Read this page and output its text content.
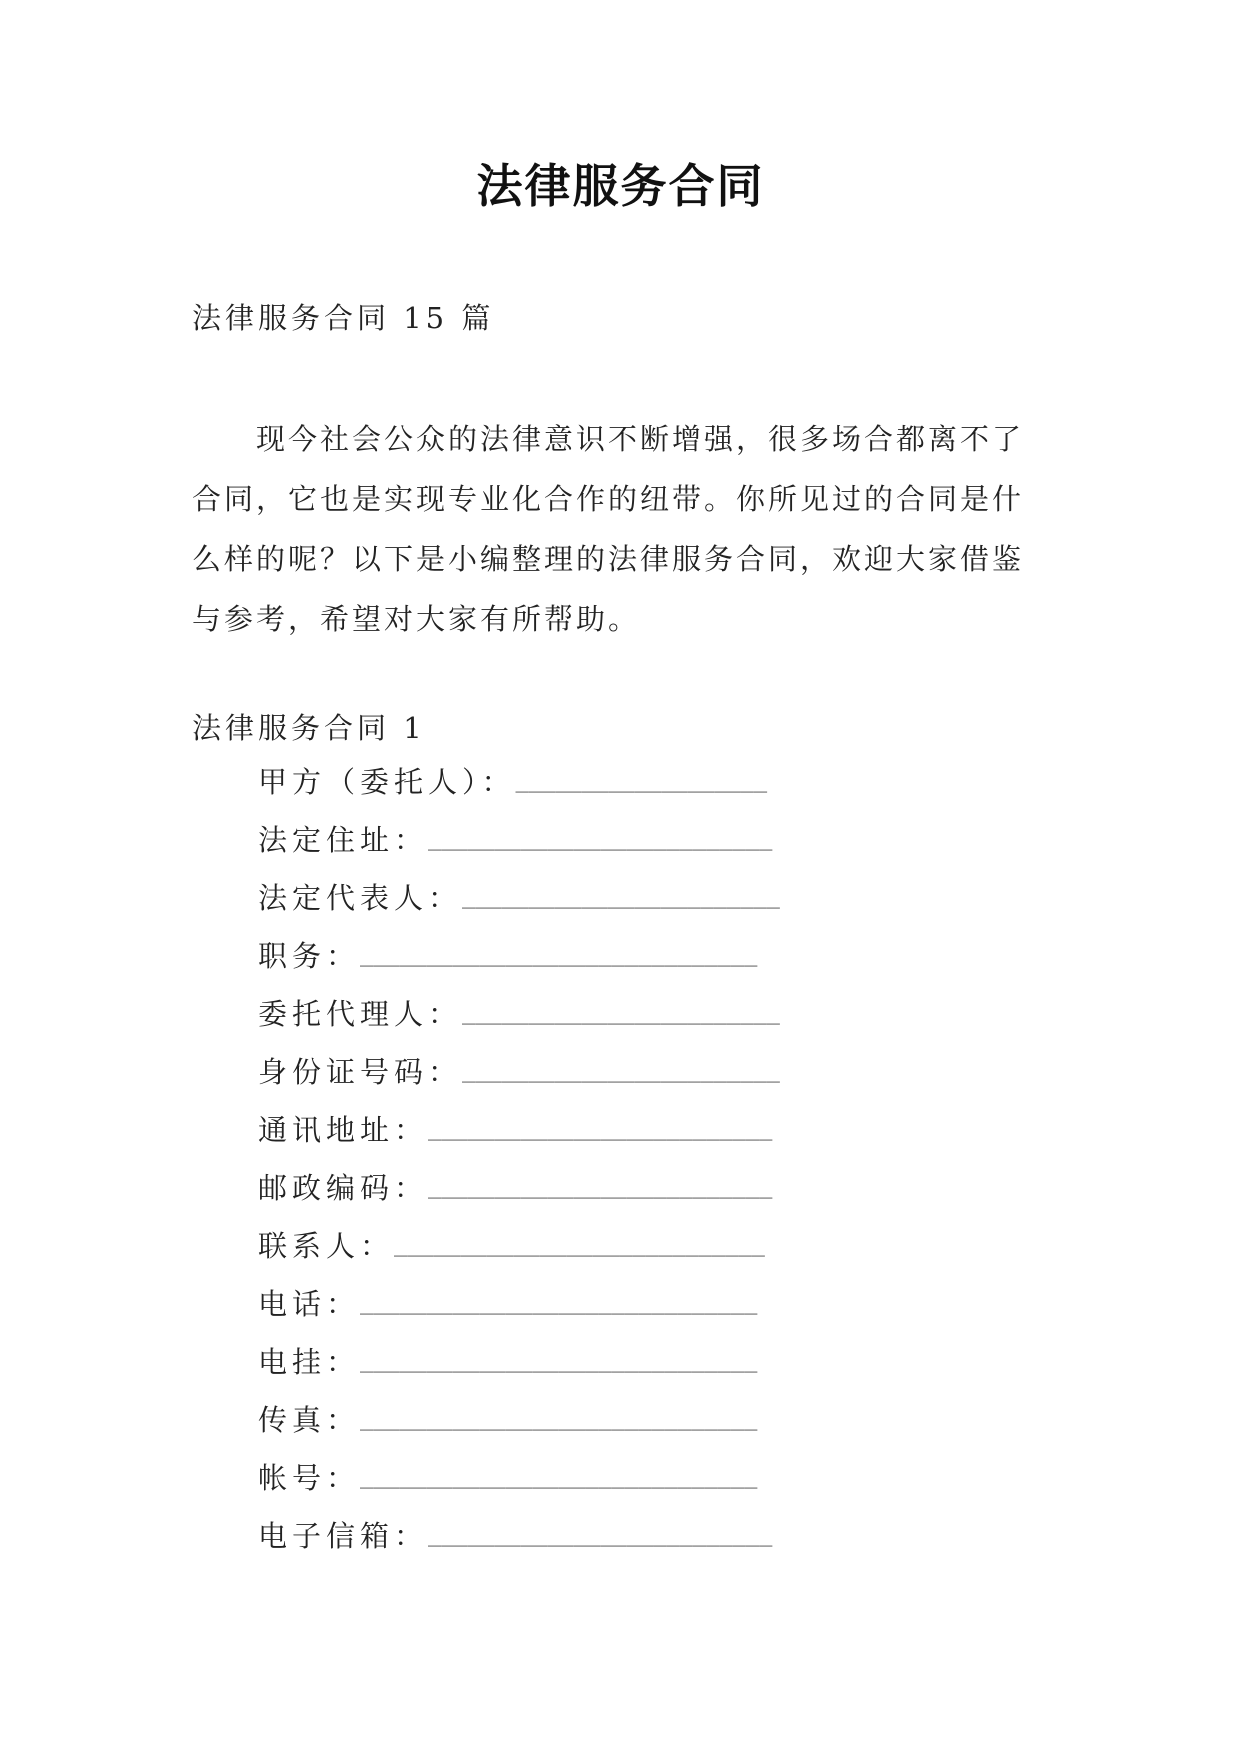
法律服务合同
法律服务合同 15 篇

现今社会公众的法律意识不断增强，很多场合都离不了合同，它也是实现专业化合作的纽带。你所见过的合同是什么样的呢？以下是小编整理的法律服务合同，欢迎大家借鉴与参考，希望对大家有所帮助。

法律服务合同 1
甲方（委托人）： ___________________
法定住址： __________________________
法定代表人： ________________________
职务： ______________________________
委托代理人： ________________________
身份证号码： ________________________
通讯地址： __________________________
邮政编码： __________________________
联系人： ____________________________
电话： ______________________________
电挂： ______________________________
传真： ______________________________
帐号： ______________________________
电子信箱： __________________________
